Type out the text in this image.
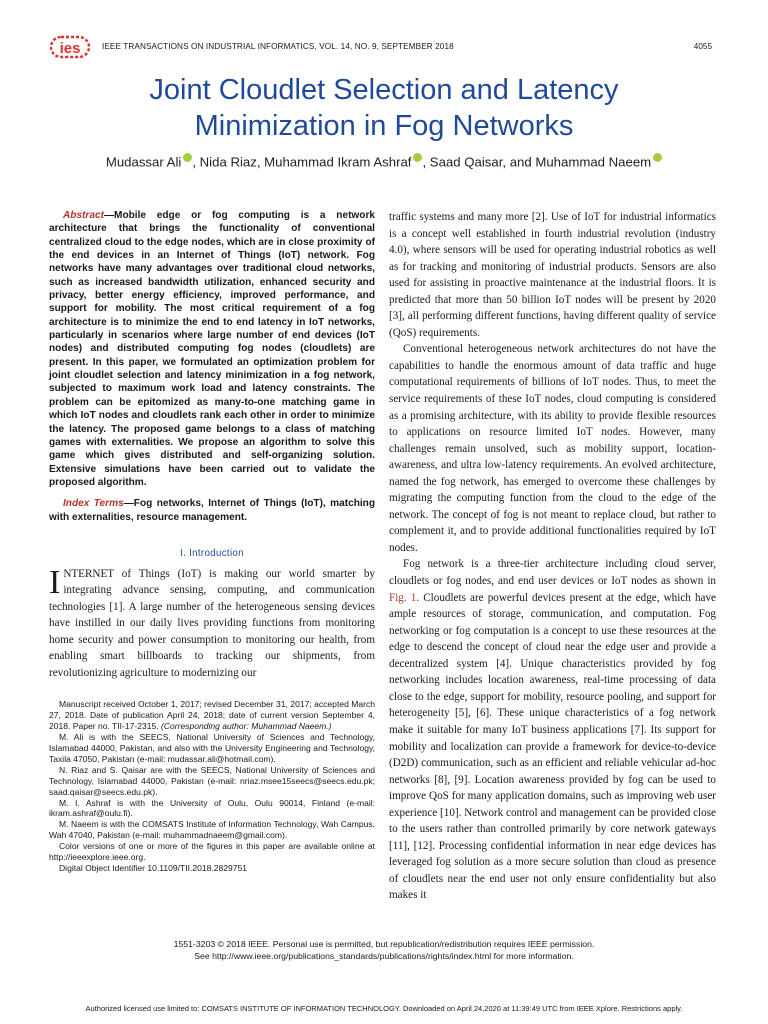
ies	IEEE TRANSACTIONS ON INDUSTRIAL INFORMATICS, VOL. 14, NO. 9, SEPTEMBER 2018	4055
Joint Cloudlet Selection and Latency
Minimization in Fog Networks
Mudassar Ali , Nida Riaz, Muhammad Ikram Ashraf , Saad Qaisar, and Muhammad Naeem

Abstract—Mobile edge or fog computing is a network architecture that brings the functionality of conventional centralized cloud to the edge nodes, which are in close proximity of the end devices in an Internet of Things (IoT) network. Fog networks have many advantages over traditional cloud networks, such as increased bandwidth utilization, enhanced security and privacy, better energy efficiency, improved performance, and support for mobility. The most critical requirement of a fog architecture is to minimize the end to end latency in IoT networks, particularly in scenarios where large number of end devices (IoT nodes) and distributed computing fog nodes (cloudlets) are present. In this paper, we formulated an optimization problem for joint cloudlet selection and latency minimization in a fog network, subjected to maximum work load and latency constraints. The problem can be epitomized as many-to-one matching game in which IoT nodes and cloudlets rank each other in order to minimize the latency. The proposed game belongs to a class of matching games with externalities. We propose an algorithm to solve this game which gives distributed and self-organizing solution. Extensive simulations have been carried out to validate the proposed algorithm.

Index Terms—Fog networks, Internet of Things (IoT), matching with externalities, resource management.

I. Introduction

INTERNET of Things (IoT) is making our world smarter by integrating advance sensing, computing, and communication technologies [1]. A large number of the heterogeneous sensing devices have instilled in our daily lives providing functions from monitoring home security and power consumption to monitoring our health, from enabling smart billboards to tracking our shipments, from revolutionizing agriculture to modernizing our

Manuscript received October 1, 2017; revised December 31, 2017; accepted March 27, 2018. Date of publication April 24, 2018; date of current version September 4, 2018. Paper no. TII-17-2315. (Corresponding author: Muhammad Naeem.)

M. Ali is with the SEECS, National University of Sciences and Technology, Islamabad 44000, Pakistan, and also with the University Engineering and Technology, Taxila 47050, Pakistan (e-mail: mudassar.ali@hotmail.com).

N. Riaz and S. Qaisar are with the SEECS, National University of Sciences and Technology, Islamabad 44000, Pakistan (e-mail: nriaz.msee15seecs@seecs.edu.pk; saad.qaisar@seecs.edu.pk).

M. I. Ashraf is with the University of Oulu, Oulu 90014, Finland (e-mail: ikram.ashraf@oulu.fi).

M. Naeem is with the COMSATS Institute of Information Technology, Wah Campus, Wah 47040, Pakistan (e-mail: muhammadnaeem@gmail.com).

Color versions of one or more of the figures in this paper are available online at http://ieeexplore.ieee.org.

Digital Object Identifier 10.1109/TII.2018.2829751

traffic systems and many more [2]. Use of IoT for industrial informatics is a concept well established in fourth industrial revolution (industry 4.0), where sensors will be used for operating industrial robotics as well as for tracking and monitoring of industrial products. Sensors are also used for assisting in proactive maintenance at the industrial floors. It is predicted that more than 50 billion IoT nodes will be present by 2020 [3], all performing different functions, having different quality of service (QoS) requirements.

Conventional heterogeneous network architectures do not have the capabilities to handle the enormous amount of data traffic and huge computational requirements of billions of IoT nodes. Thus, to meet the service requirements of these IoT nodes, cloud computing is considered as a promising architecture, with its ability to provide flexible resources to applications on resource limited IoT nodes. However, many challenges remain unsolved, such as mobility support, location-awareness, and ultra low-latency requirements. An evolved architecture, named the fog network, has emerged to overcome these challenges by migrating the computing function from the cloud to the edge of the network. The concept of fog is not meant to replace cloud, but rather to complement it, and to provide additional functionalities required by IoT nodes.

Fog network is a three-tier architecture including cloud server, cloudlets or fog nodes, and end user devices or IoT nodes as shown in Fig. 1. Cloudlets are powerful devices present at the edge, which have ample resources of storage, communication, and computation. Fog networking or fog computation is a concept to use these resources at the edge to descend the concept of cloud near the edge user and provide a decentralized system [4]. Unique characteristics provided by fog networking includes location awareness, real-time processing of data close to the edge, support for mobility, resource pooling, and support for heterogeneity [5], [6]. These unique characteristics of a fog network make it suitable for many IoT business applications [7]. Its support for mobility and localization can provide a framework for device-to-device (D2D) communication, such as an efficient and reliable vehicular ad-hoc networks [8], [9]. Location awareness provided by fog can be used to improve QoS for many application domains, such as improving web user experience [10]. Network control and management can be provided close to the users rather than controlled primarily by core network gateways [11], [12]. Processing confidential information in near edge devices has leveraged fog solution as a more secure solution than cloud as presence of cloudlets near the end user not only ensure confidentiality but also makes it

1551-3203 © 2018 IEEE. Personal use is permitted, but republication/redistribution requires IEEE permission.
See http://www.ieee.org/publications_standards/publications/rights/index.html for more information.
Authorized licensed use limited to: COMSATS INSTITUTE OF INFORMATION TECHNOLOGY. Downloaded on April 24,2020 at 11:39:49 UTC from IEEE Xplore. Restrictions apply.
